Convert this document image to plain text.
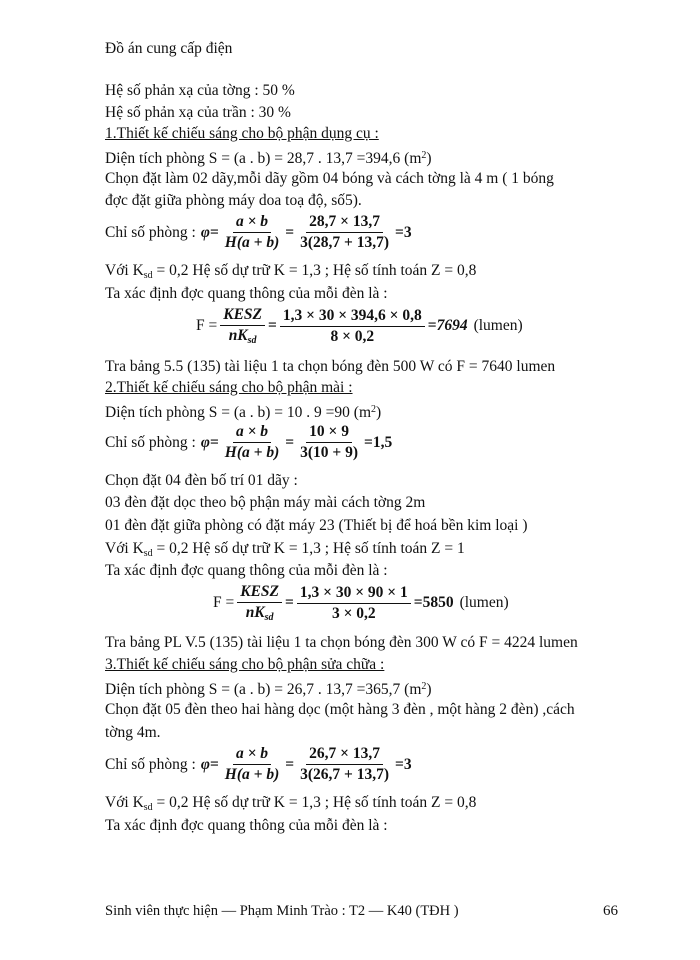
Đồ án cung cấp điện
Hệ số phản xạ của tờng : 50 %
Hệ số phản xạ của trần : 30 %
1.Thiết kế chiếu sáng cho bộ phận dụng cụ :
Diện tích phòng S = (a . b) = 28,7 . 13,7 =394,6 $(m^2)$
Chọn đặt làm 02 dãy,mỗi dãy gồm 04 bóng và cách tờng là 4 m ( 1 bóng
đợc đặt giữa phòng máy doa toạ độ, số5).
Chỉ số phòng : $\varphi = \frac{a \times b}{H(a + b)} = \frac{28,7 \times 13,7}{3(28,7 + 13,7)} = 3$
Với $K_{sd} = 0,2$ Hệ số dự trữ K = 1,3 ; Hệ số tính toán Z = 0,8
Ta xác định đợc quang thông của mỗi đèn là :
$F = \frac{\text{KESZ}}{nK_{sd}} = \frac{1,3 \times 30 \times 394,6 \times 0,8}{8 \times 0,2} = 7694$ (lumen)
Tra bảng 5.5 (135) tài liệu 1 ta chọn bóng đèn 500 W có F = 7640 lumen
2.Thiết kế chiếu sáng cho bộ phận mài :
Diện tích phòng S = (a . b) = 10 . 9 =90 $(m^2)$
Chỉ số phòng : $\varphi = \frac{a \times b}{H(a + b)} = \frac{10 \times 9}{3(10 + 9)} = 1,5$
Chọn đặt 04 đèn bố trí 01 dãy :
03 đèn đặt dọc theo bộ phận máy mài cách tờng 2m
01 đèn đặt giữa phòng có đặt máy 23 (Thiết bị để hoá bền kim loại )
Với $K_{sd} = 0,2$ Hệ số dự trữ K = 1,3 ; Hệ số tính toán Z = 1
Ta xác định đợc quang thông của mỗi đèn là :
$F = \frac{\text{KESZ}}{nK_{sd}} = \frac{1,3 \times 30 \times 90 \times 1}{3 \times 0,2} = 5850$ (lumen)
Tra bảng PL V.5 (135) tài liệu 1 ta chọn bóng đèn 300 W có F = 4224 lumen
3.Thiết kế chiếu sáng cho bộ phận sửa chữa :
Diện tích phòng S = (a . b) = 26,7 . 13,7 =365,7 $(m^2)$
Chọn đặt 05 đèn theo hai hàng dọc (một hàng 3 đèn , một hàng 2 đèn) ,cách
tờng 4m.
Chỉ số phòng : $\varphi = \frac{a \times b}{H(a + b)} = \frac{26,7 \times 13,7}{3(26,7 + 13,7)} = 3$
Với $K_{sd} = 0,2$ Hệ số dự trữ K = 1,3 ; Hệ số tính toán Z = 0,8
Ta xác định đợc quang thông của mỗi đèn là :
Sinh viên thực hiện — Phạm Minh Trào : T2 — K40 (TĐH )	66
